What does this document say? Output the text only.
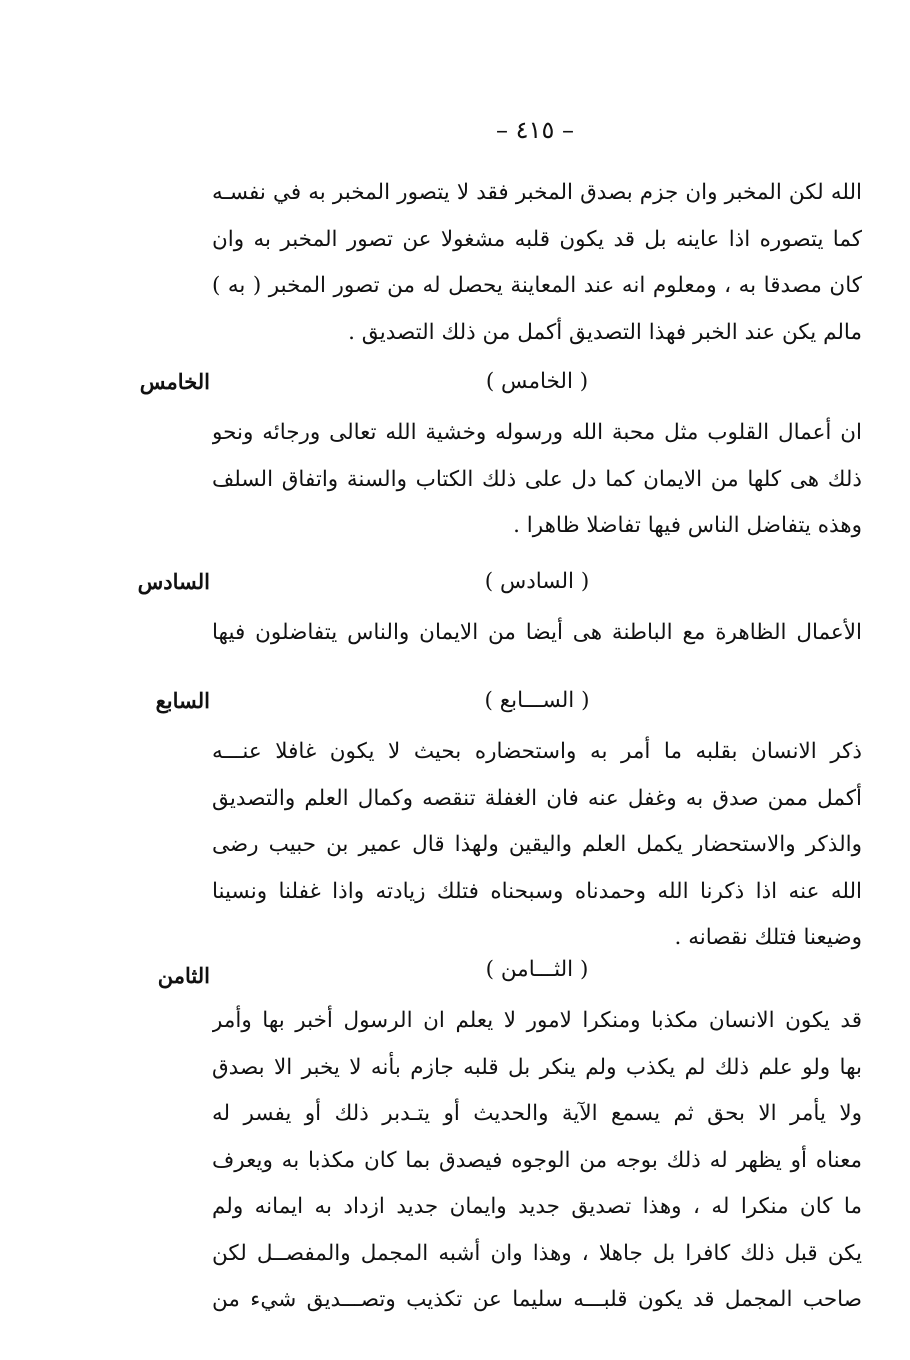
– ٤١٥ –
الله لكن المخبر وان جزم بصدق المخبر فقد لا يتصور المخبر به في نفسـه
كما يتصوره اذا عاينه بل قد يكون قلبه مشغولا عن تصور المخبر به وان
كان مصدقا به ، ومعلوم انه عند المعاينة يحصل له من تصور المخبر ( به )
مالم يكن عند الخبر فهذا التصديق أكمل من ذلك التصديق .
( الخامس )
الخامس
ان أعمال القلوب مثل محبة الله ورسوله وخشية الله تعالى ورجائه ونحو
ذلك هى كلها من الايمان كما دل على ذلك الكتاب والسنة واتفاق السلف
وهذه يتفاضل الناس فيها تفاضلا ظاهرا .
( السادس )
السادس
الأعمال الظاهرة مع الباطنة هى أيضا من الايمان والناس يتفاضلون فيها
( الســـابع )
السابع
ذكر الانسان بقلبه ما أمر به واستحضاره بحيث لا يكون غافلا عنـــه
أكمل ممن صدق به وغفل عنه فان الغفلة تنقصه وكمال العلم والتصديق
والذكر والاستحضار يكمل العلم واليقين ولهذا قال عمير بن حبيب رضى
الله عنه اذا ذكرنا الله وحمدناه وسبحناه فتلك زيادته واذا غفلنا ونسينا
وضيعنا فتلك نقصانه .
( الثـــامن )
الثامن
قد يكون الانسان مكذبا ومنكرا لامور لا يعلم ان الرسول أخبر بها وأمر
بها ولو علم ذلك لم يكذب ولم ينكر بل قلبه جازم بأنه لا يخبر الا بصدق
ولا يأمر الا بحق ثم يسمع الآية والحديث أو يتـدبر ذلك أو يفسر له
معناه أو يظهر له ذلك بوجه من الوجوه فيصدق بما كان مكذبا به ويعرف
ما كان منكرا له ، وهذا تصديق جديد وايمان جديد ازداد به ايمانه ولم
يكن قبل ذلك كافرا بل جاهلا ، وهذا وان أشبه المجمل والمفصــل لكن
صاحب المجمل قد يكون قلبـــه سليما عن تكذيب وتصـــديق شيء من
